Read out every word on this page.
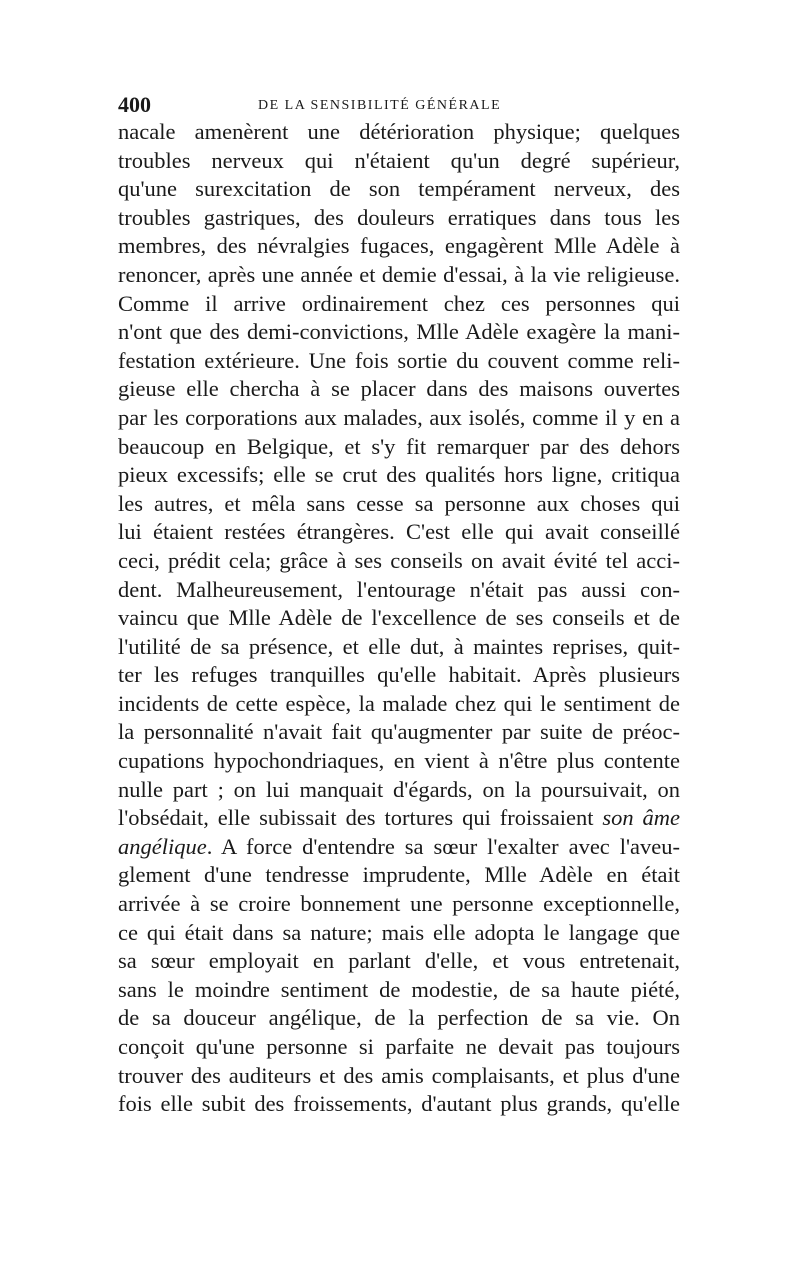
400	DE LA SENSIBILITÉ GÉNÉRALE
nacale amenèrent une détérioration physique; quelques
troubles nerveux qui n'étaient qu'un degré supérieur,
qu'une surexcitation de son tempérament nerveux, des
troubles gastriques, des douleurs erratiques dans tous les
membres, des névralgies fugaces, engagèrent Mlle Adèle à
renoncer, après une année et demie d'essai, à la vie religieuse.
Comme il arrive ordinairement chez ces personnes qui
n'ont que des demi-convictions, Mlle Adèle exagère la mani-
festation extérieure. Une fois sortie du couvent comme reli-
gieuse elle chercha à se placer dans des maisons ouvertes
par les corporations aux malades, aux isolés, comme il y en a
beaucoup en Belgique, et s'y fit remarquer par des dehors
pieux excessifs; elle se crut des qualités hors ligne, critiqua
les autres, et mêla sans cesse sa personne aux choses qui
lui étaient restées étrangères. C'est elle qui avait conseillé
ceci, prédit cela; grâce à ses conseils on avait évité tel acci-
dent. Malheureusement, l'entourage n'était pas aussi con-
vaincu que Mlle Adèle de l'excellence de ses conseils et de
l'utilité de sa présence, et elle dut, à maintes reprises, quit-
ter les refuges tranquilles qu'elle habitait. Après plusieurs
incidents de cette espèce, la malade chez qui le sentiment de
la personnalité n'avait fait qu'augmenter par suite de préoc-
cupations hypochondriaques, en vient à n'être plus contente
nulle part ; on lui manquait d'égards, on la poursuivait, on
l'obsédait, elle subissait des tortures qui froissaient son âme
angélique. A force d'entendre sa sœur l'exalter avec l'aveu-
glement d'une tendresse imprudente, Mlle Adèle en était
arrivée à se croire bonnement une personne exceptionnelle,
ce qui était dans sa nature; mais elle adopta le langage que
sa sœur employait en parlant d'elle, et vous entretenait,
sans le moindre sentiment de modestie, de sa haute piété,
de sa douceur angélique, de la perfection de sa vie. On
conçoit qu'une personne si parfaite ne devait pas toujours
trouver des auditeurs et des amis complaisants, et plus d'une
fois elle subit des froissements, d'autant plus grands, qu'elle
